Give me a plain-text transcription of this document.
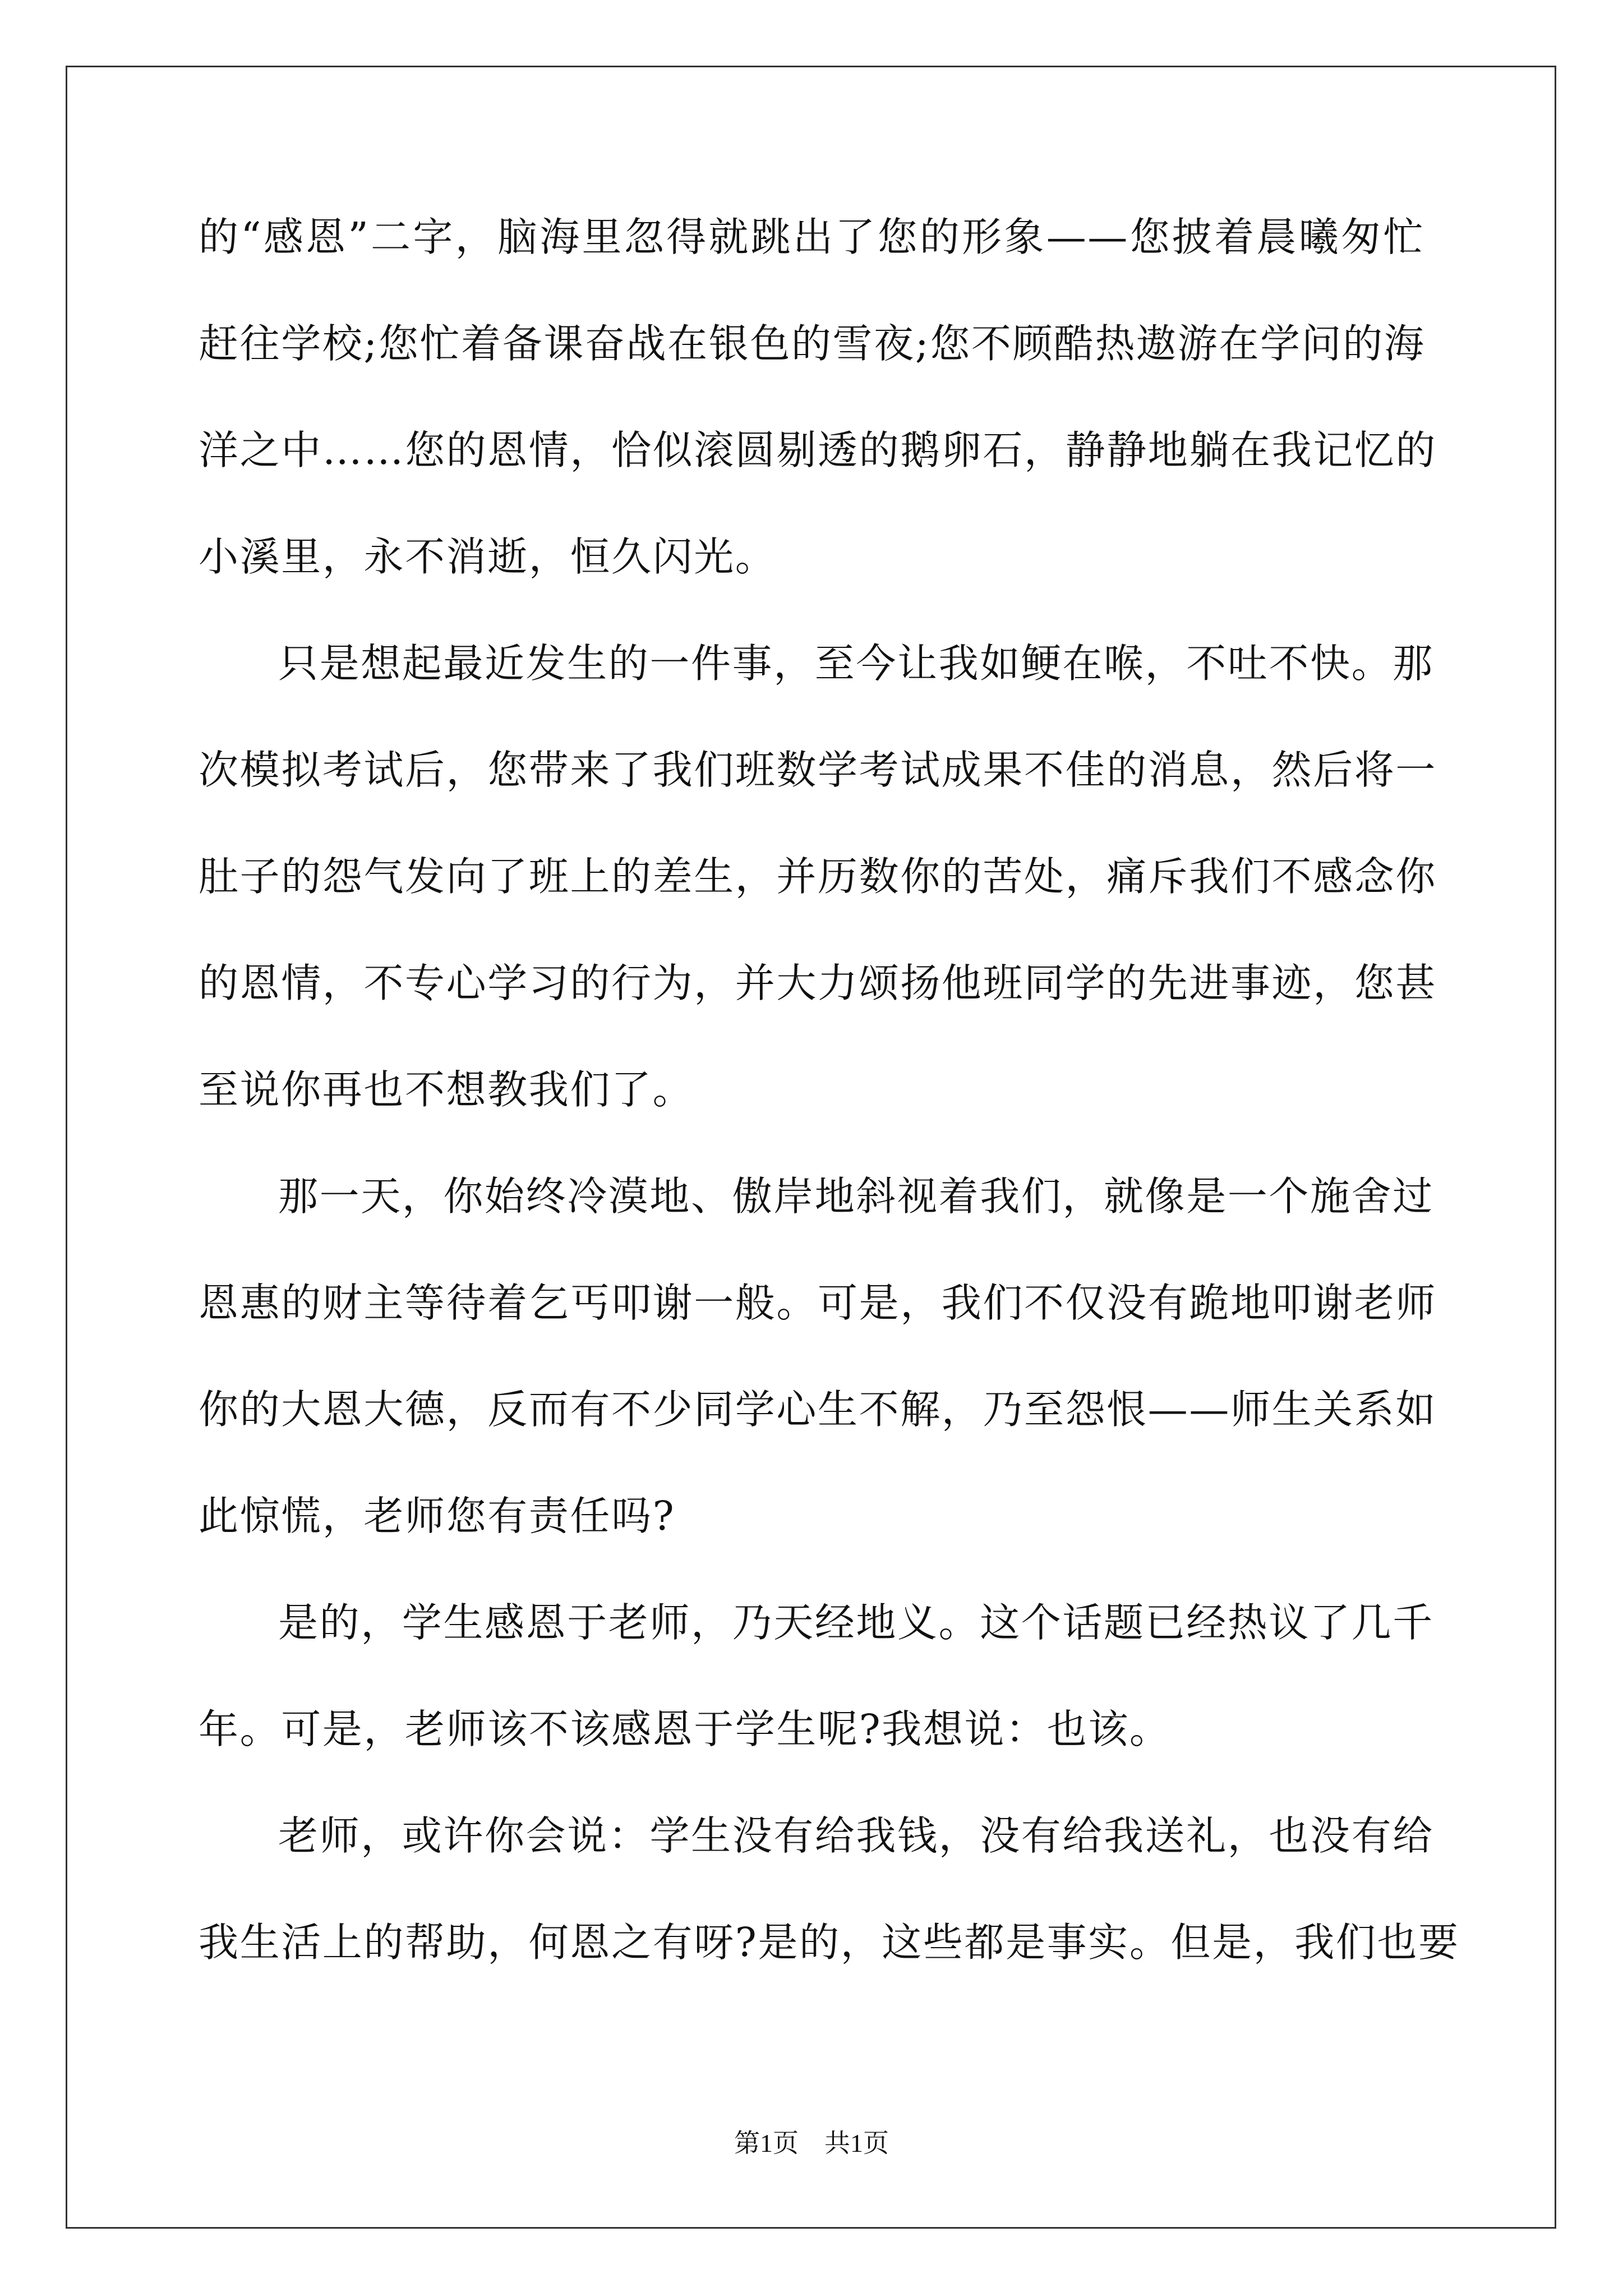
的“感恩”二字，脑海里忽得就跳出了您的形象——您披着晨曦匆忙
赶往学校;您忙着备课奋战在银色的雪夜;您不顾酷热遨游在学问的海
洋之中……您的恩情，恰似滚圆剔透的鹅卵石，静静地躺在我记忆的
小溪里，永不消逝，恒久闪光。
只是想起最近发生的一件事，至今让我如鲠在喉，不吐不快。那
次模拟考试后，您带来了我们班数学考试成果不佳的消息，然后将一
肚子的怨气发向了班上的差生，并历数你的苦处，痛斥我们不感念你
的恩情，不专心学习的行为，并大力颂扬他班同学的先进事迹，您甚
至说你再也不想教我们了。
那一天，你始终冷漠地、傲岸地斜视着我们，就像是一个施舍过
恩惠的财主等待着乞丐叩谢一般。可是，我们不仅没有跪地叩谢老师
你的大恩大德，反而有不少同学心生不解，乃至怨恨——师生关系如
此惊慌，老师您有责任吗?
是的，学生感恩于老师，乃天经地义。这个话题已经热议了几千
年。可是，老师该不该感恩于学生呢?我想说：也该。
老师，或许你会说：学生没有给我钱，没有给我送礼，也没有给
我生活上的帮助，何恩之有呀?是的，这些都是事实。但是，我们也要
第1页 共1页
